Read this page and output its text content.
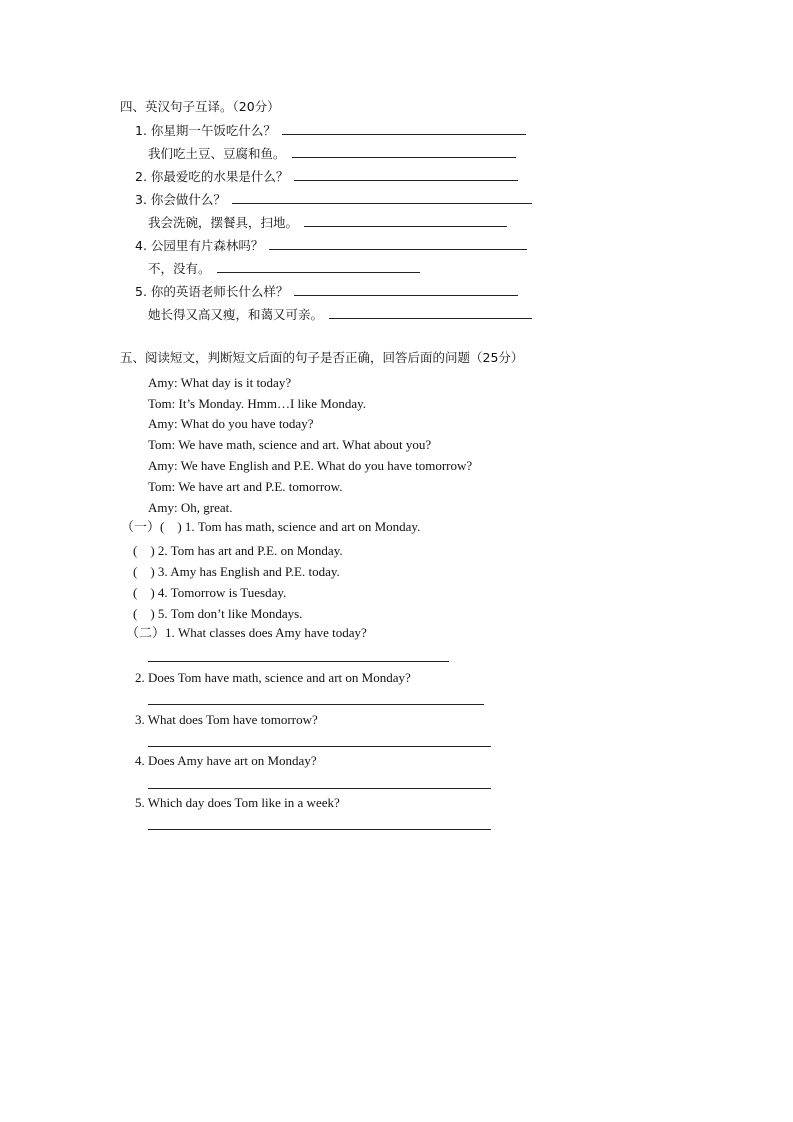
四、英汉句子互译。（20分）
1. 你星期一午饭吃什么？
我们吃土豆、豆腐和鱼。
2. 你最爱吃的水果是什么？
3. 你会做什么？
我会洗碗，摆餐具，扫地。
4. 公园里有片森林吗？
不，没有。
5. 你的英语老师长什么样？
她长得又高又瘦，和蔼又可亲。
五、阅读短文，判断短文后面的句子是否正确，回答后面的问题（25分）
Amy: What day is it today?
Tom: It’s Monday. Hmm…I like Monday.
Amy: What do you have today?
Tom: We have math, science and art. What about you?
Amy: We have English and P.E. What do you have tomorrow?
Tom: We have art and P.E. tomorrow.
Amy: Oh, great.
（一）(　) 1. Tom has math, science and art on Monday.
(　) 2. Tom has art and P.E. on Monday.
(　) 3. Amy has English and P.E. today.
(　) 4. Tomorrow is Tuesday.
(　) 5. Tom don’t like Mondays.
（二）1. What classes does Amy have today?
2. Does Tom have math, science and art on Monday?
3. What does Tom have tomorrow?
4. Does Amy have art on Monday?
5. Which day does Tom like in a week?
